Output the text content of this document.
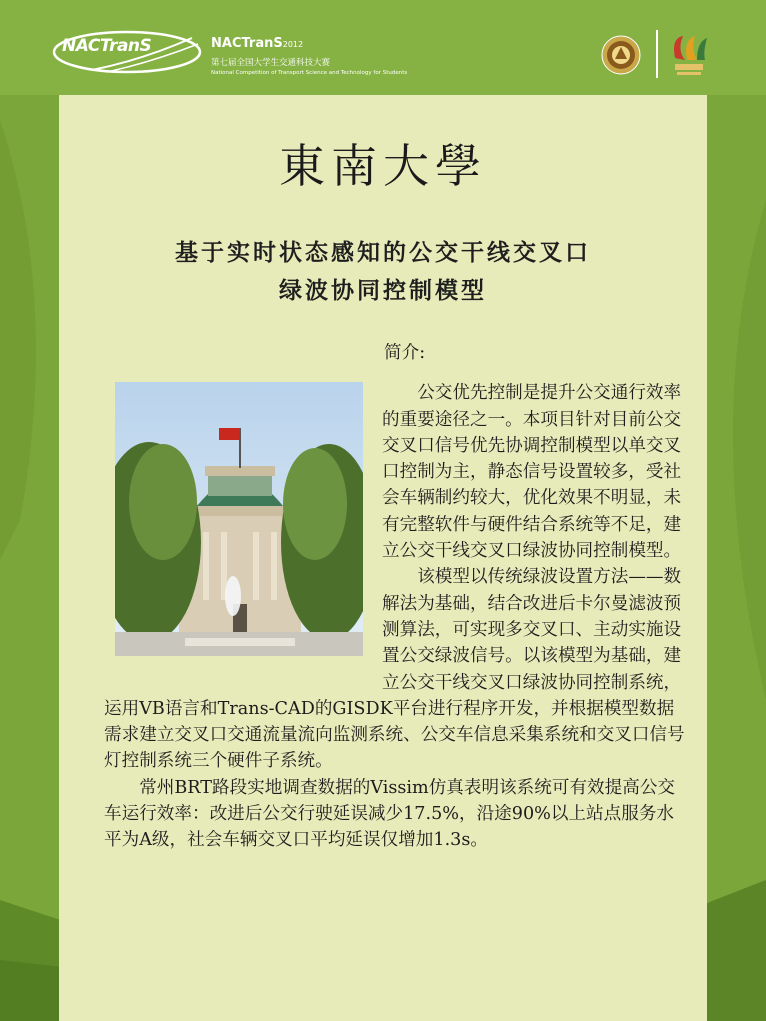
NACTranS	NACTranS2012
第七届全国大学生交通科技大赛
National Competition of Transport Science and Technology for Students
東南大學
基于实时状态感知的公交干线交叉口
绿波协同控制模型

简介:

公交优先控制是提升公交通行效率的重要途径之一。本项目针对目前公交交叉口信号优先协调控制模型以单交叉口控制为主，静态信号设置较多，受社会车辆制约较大，优化效果不明显，未有完整软件与硬件结合系统等不足，建立公交干线交叉口绿波协同控制模型。

该模型以传统绿波设置方法——数解法为基础，结合改进后卡尔曼滤波预测算法，可实现多交叉口、主动实施设置公交绿波信号。以该模型为基础，建立公交干线交叉口绿波协同控制系统，运用VB语言和Trans-CAD的GISDK平台进行程序开发，并根据模型数据需求建立交叉口交通流量流向监测系统、公交车信息采集系统和交叉口信号灯控制系统三个硬件子系统。

常州BRT路段实地调查数据的Vissim仿真表明该系统可有效提高公交车运行效率：改进后公交行驶延误减少17.5%，沿途90%以上站点服务水平为A级，社会车辆交叉口平均延误仅增加1.3s。
